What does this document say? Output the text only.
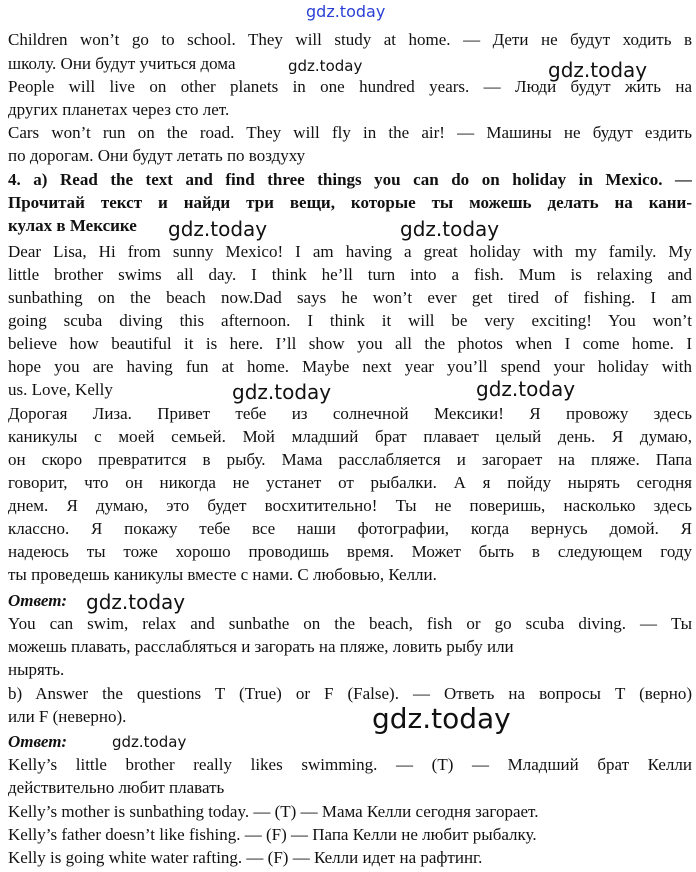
gdz.today
gdz.today	gdz.today
gdz.today	gdz.today
gdz.today	gdz.today
gdz.today
gdz.today
gdz.today
Children won’t go to school. They will study at home. — Дети не будут ходить в
школу. Они будут учиться дома
People will live on other planets in one hundred years. — Люди будут жить на
других планетах через сто лет.
Cars won’t run on the road. They will fly in the air! — Машины не будут ездить
по дорогам. Они будут летать по воздуху
4. a) Read the text and find three things you can do on holiday in Mexico. —
Прочитай текст и найди три вещи, которые ты можешь делать на кани-
кулах в Мексике
Dear Lisa, Hi from sunny Mexico! I am having a great holiday with my family. My
little brother swims all day. I think he’ll turn into a fish. Mum is relaxing and
sunbathing on the beach now.Dad says he won’t ever get tired of fishing. I am
going scuba diving this afternoon. I think it will be very exciting! You won’t
believe how beautiful it is here. I’ll show you all the photos when I come home. I
hope you are having fun at home. Maybe next year you’ll spend your holiday with
us. Love, Kelly
Дорогая Лиза. Привет тебе из солнечной Мексики! Я провожу здесь
каникулы с моей семьей. Мой младший брат плавает целый день. Я думаю,
он скоро превратится в рыбу. Мама расслабляется и загорает на пляже. Папа
говорит, что он никогда не устанет от рыбалки. А я пойду нырять сегодня
днем. Я думаю, это будет восхитительно! Ты не поверишь, насколько здесь
классно. Я покажу тебе все наши фотографии, когда вернусь домой. Я
надеюсь ты тоже хорошо проводишь время. Может быть в следующем году
ты проведешь каникулы вместе с нами. С любовью, Келли.
Ответ:
You can swim, relax and sunbathe on the beach, fish or go scuba diving. — Ты
можешь плавать, расслабляться и загорать на пляже, ловить рыбу или
нырять.
b) Answer the questions T (True) or F (False). — Ответь на вопросы T (верно)
или F (неверно).
Ответ:
Kelly’s little brother really likes swimming. — (T) — Младший брат Келли
действительно любит плавать
Kelly’s mother is sunbathing today. — (T) — Мама Келли сегодня загорает.
Kelly’s father doesn’t like fishing. — (F) — Папа Келли не любит рыбалку.
Kelly is going white water rafting. — (F) — Келли идет на рафтинг.
